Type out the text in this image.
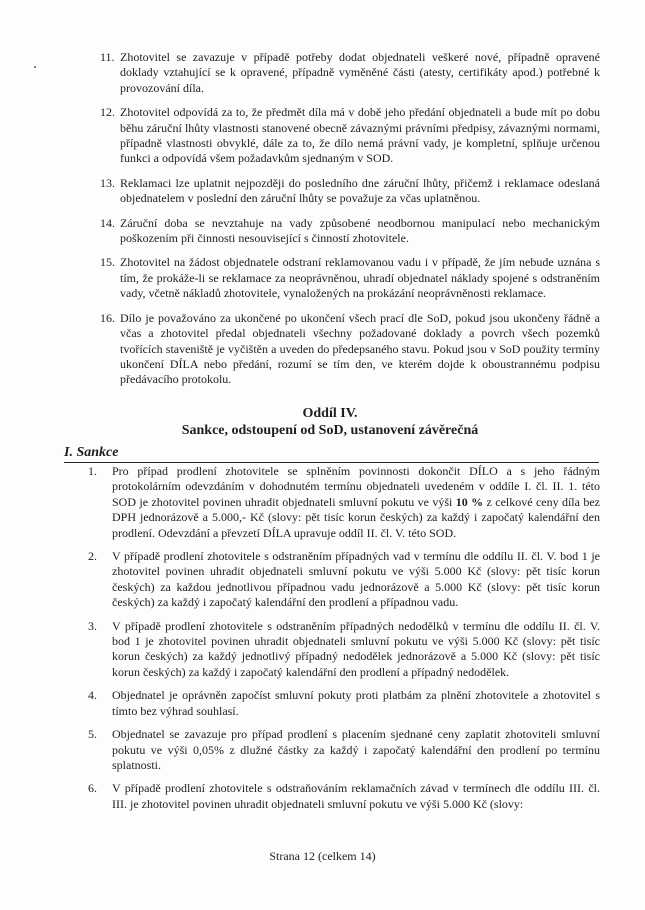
11. Zhotovitel se zavazuje v případě potřeby dodat objednateli veškeré nové, případně opravené doklady vztahující se k opravené, případně vyměněné části (atesty, certifikáty apod.) potřebné k provozování díla.
12. Zhotovitel odpovídá za to, že předmět díla má v době jeho předání objednateli a bude mít po dobu běhu záruční lhůty vlastnosti stanovené obecně závaznými právními předpisy, závaznými normami, případně vlastnosti obvyklé, dále za to, že dílo nemá právní vady, je kompletní, splňuje určenou funkci a odpovídá všem požadavkům sjednaným v SOD.
13. Reklamaci lze uplatnit nejpozději do posledního dne záruční lhůty, přičemž i reklamace odeslaná objednatelem v poslední den záruční lhůty se považuje za včas uplatněnou.
14. Záruční doba se nevztahuje na vady způsobené neodbornou manipulací nebo mechanickým poškozením při činnosti nesouvisející s činností zhotovitele.
15. Zhotovitel na žádost objednatele odstraní reklamovanou vadu i v případě, že jím nebude uznána s tím, že prokáže-li se reklamace za neoprávněnou, uhradí objednatel náklady spojené s odstraněním vady, včetně nákladů zhotovitele, vynaložených na prokázání neoprávněnosti reklamace.
16. Dílo je považováno za ukončené po ukončení všech prací dle SoD, pokud jsou ukončeny řádně a včas a zhotovitel předal objednateli všechny požadované doklady a povrch všech pozemků tvořících staveniště je vyčištěn a uveden do předepsaného stavu. Pokud jsou v SoD použity termíny ukončení DÍLA nebo předání, rozumí se tím den, ve kterém dojde k oboustrannému podpisu předávacího protokolu.
Oddíl IV.
Sankce, odstoupení od SoD, ustanovení závěrečná
I. Sankce
1.	Pro případ prodlení zhotovitele se splněním povinnosti dokončit DÍLO a s jeho řádným protokolárním odevzdáním v dohodnutém termínu objednateli uvedeném v oddíle I. čl. II. 1. této SOD je zhotovitel povinen uhradit objednateli smluvní pokutu ve výši 10 % z celkové ceny díla bez DPH jednorázově a 5.000,- Kč (slovy: pět tisíc korun českých) za každý i započatý kalendářní den prodlení. Odevzdání a převzetí DÍLA upravuje oddíl II. čl. V. této SOD.
2.	V případě prodlení zhotovitele s odstraněním případných vad v termínu dle oddílu II. čl. V. bod 1 je zhotovitel povinen uhradit objednateli smluvní pokutu ve výši 5.000 Kč (slovy: pět tisíc korun českých) za každou jednotlivou případnou vadu jednorázově a 5.000 Kč (slovy: pět tisíc korun českých) za každý i započatý kalendářní den prodlení a případnou vadu.
3.	V případě prodlení zhotovitele s odstraněním případných nedodělků v termínu dle oddílu II. čl. V. bod 1 je zhotovitel povinen uhradit objednateli smluvní pokutu ve výši 5.000 Kč (slovy: pět tisíc korun českých) za každý jednotlivý případný nedodělek jednorázově a 5.000 Kč (slovy: pět tisíc korun českých) za každý i započatý kalendářní den prodlení a případný nedodělek.
4.	Objednatel je oprávněn započíst smluvní pokuty proti platbám za plnění zhotovitele a zhotovitel s tímto bez výhrad souhlasí.
5.	Objednatel se zavazuje pro případ prodlení s placením sjednané ceny zaplatit zhotoviteli smluvní pokutu ve výši 0,05% z dlužné částky za každý i započatý kalendářní den prodlení po termínu splatnosti.
6.	V případě prodlení zhotovitele s odstraňováním reklamačních závad v termínech dle oddílu III. čl. III. je zhotovitel povinen uhradit objednateli smluvní pokutu ve výši 5.000 Kč (slovy:
Strana 12 (celkem 14)
